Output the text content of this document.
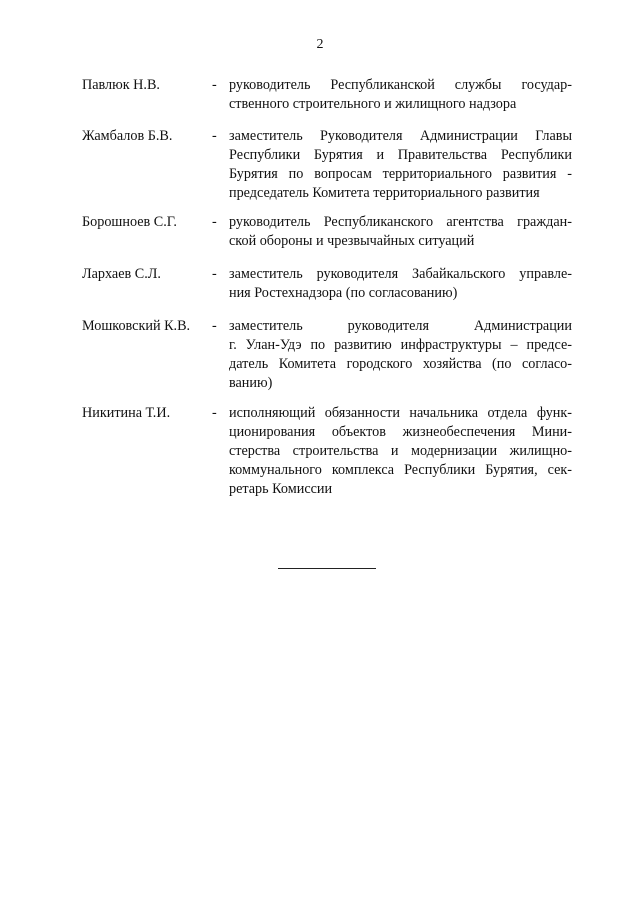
2
Павлюк Н.В.	- руководитель Республиканской службы государ-
ственного строительного и жилищного надзора
Жамбалов Б.В.	- заместитель Руководителя Администрации Главы
Республики Бурятия и Правительства Республики
Бурятия по вопросам территориального развития -
председатель Комитета территориального развития
Борошноев С.Г. - руководитель Республиканского агентства граждан-
ской обороны и чрезвычайных ситуаций
Лархаев С.Л.	- заместитель руководителя Забайкальского управле-
ния Ростехнадзора (по согласованию)
Мошковский К.В. - заместитель руководителя Администрации
г. Улан-Удэ по развитию инфраструктуры – предсе-
датель Комитета городского хозяйства (по согласо-
ванию)
Никитина Т.И.	- исполняющий обязанности начальника отдела функ-
ционирования объектов жизнеобеспечения Мини-
стерства строительства и модернизации жилищно-
коммунального комплекса Республики Бурятия, сек-
ретарь Комиссии
